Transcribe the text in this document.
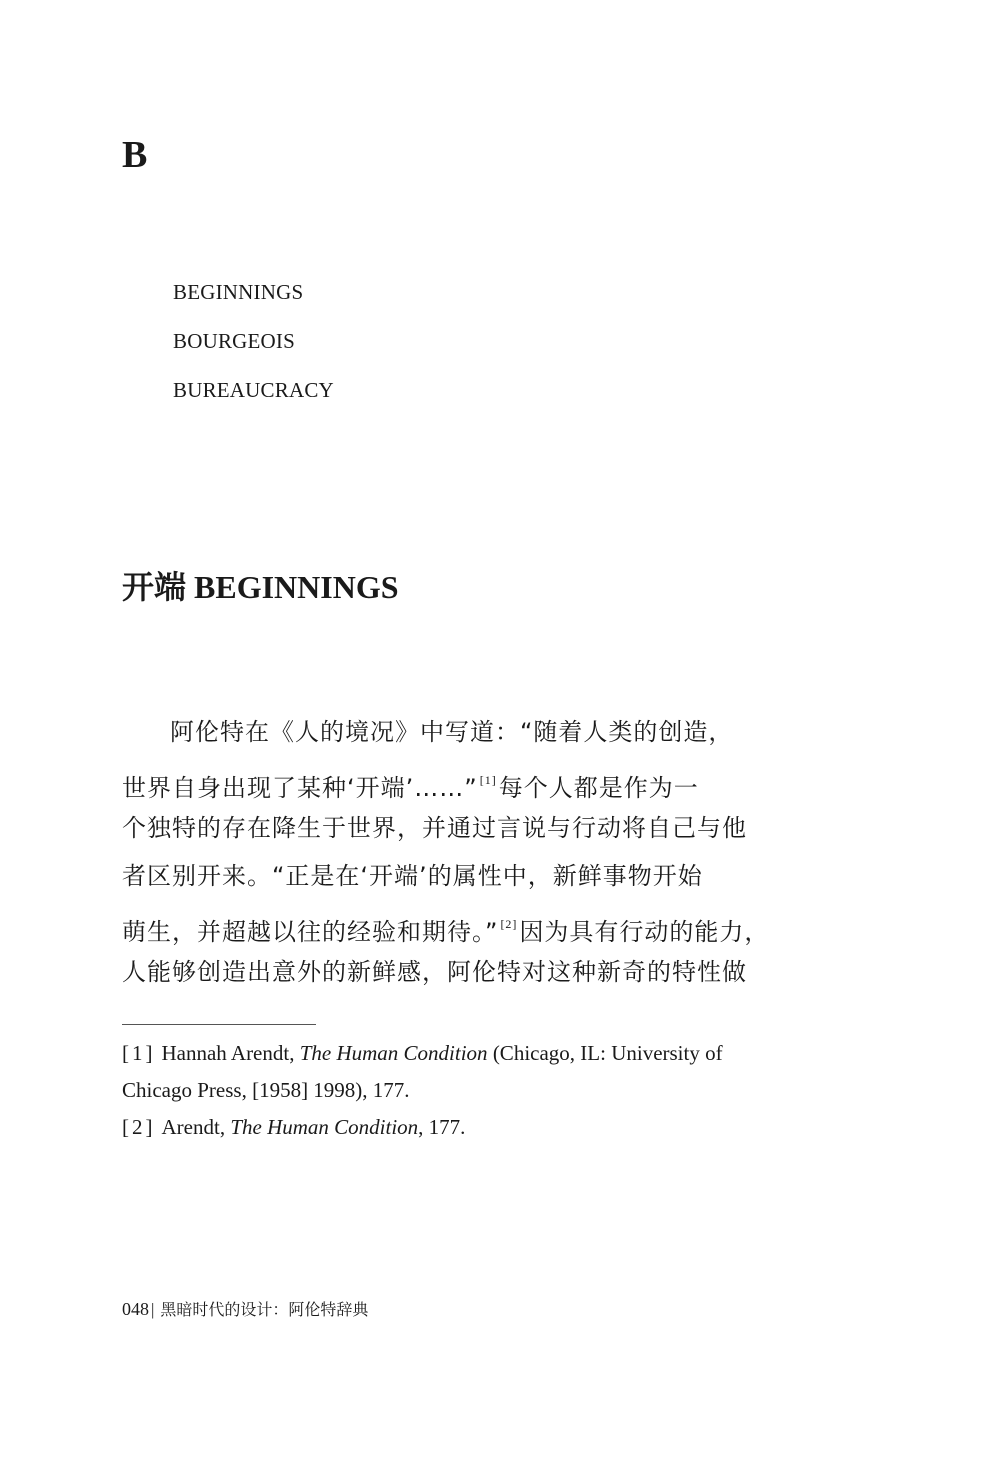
B
BEGINNINGS
BOURGEOIS
BUREAUCRACY
开端 BEGINNINGS
阿伦特在《人的境况》中写道：“随着人类的创造，
世界自身出现了某种‘开端’……” [1]每个人都是作为一
个独特的存在降生于世界，并通过言说与行动将自己与他
者区别开来。“正是在‘开端’的属性中，新鲜事物开始
萌生，并超越以往的经验和期待。” [2]因为具有行动的能力，
人能够创造出意外的新鲜感，阿伦特对这种新奇的特性做

[1] Hannah Arendt, The Human Condition (Chicago, IL: University of Chicago Press, [1958] 1998), 177.

[2] Arendt, The Human Condition, 177.

048 | 黑暗时代的设计：阿伦特辞典
